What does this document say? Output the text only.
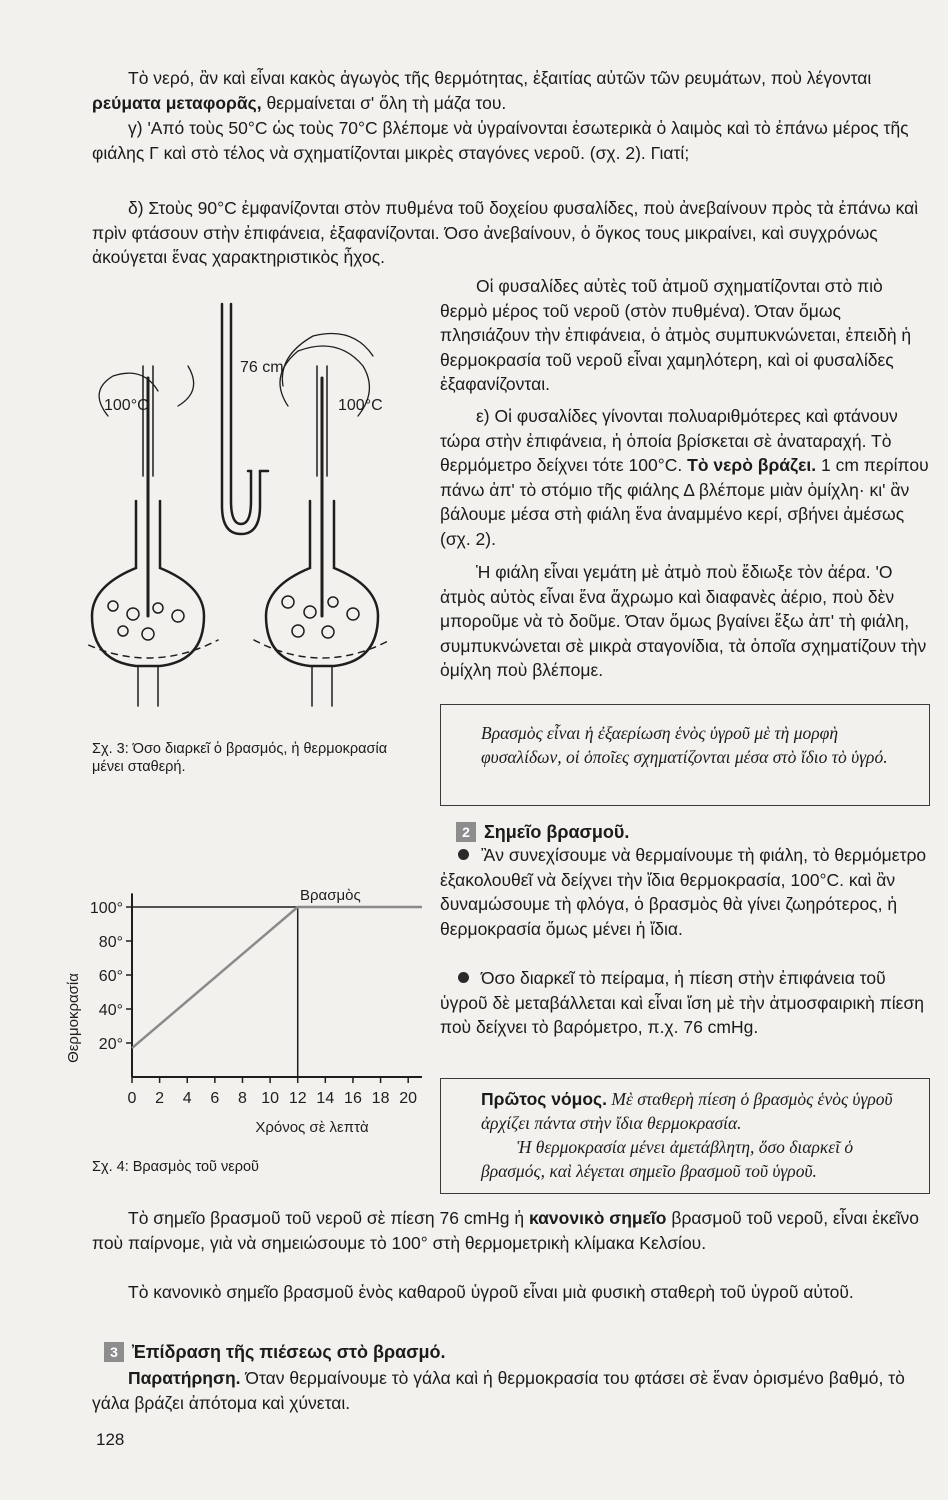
Τὸ νερό, ἂν καὶ εἶναι κακὸς ἀγωγὸς τῆς θερμότητας, ἐξαιτίας αὐτῶν τῶν ρευμάτων, ποὺ λέγονται ρεύματα μεταφορᾶς, θερμαίνεται σ' ὅλη τὴ μάζα του.

γ) 'Από τοὺς 50°C ὡς τοὺς 70°C βλέπομε νὰ ὑγραίνονται ἐσωτερικὰ ὁ λαιμὸς καὶ τὸ ἐπάνω μέρος τῆς φιάλης Γ καὶ στὸ τέλος νὰ σχηματίζονται μικρὲς σταγόνες νεροῦ. (σχ. 2). Γιατί;

δ) Στοὺς 90°C ἐμφανίζονται στὸν πυθμένα τοῦ δοχείου φυσαλίδες, ποὺ ἀνεβαίνουν πρὸς τὰ ἐπάνω καὶ πρὶν φτάσουν στὴν ἐπιφάνεια, ἐξαφανίζονται. Όσο ἀνεβαίνουν, ὁ ὄγκος τους μικραίνει, καὶ συγχρόνως ἀκούγεται ἕνας χαρακτηριστικὸς ἦχος.

Οἱ φυσαλίδες αὐτὲς τοῦ ἀτμοῦ σχηματίζονται στὸ πιὸ θερμὸ μέρος τοῦ νεροῦ (στὸν πυθμένα). Όταν ὅμως πλησιάζουν τὴν ἐπιφάνεια, ὁ ἀτμὸς συμπυκνώνεται, ἐπειδὴ ἡ θερμοκρασία τοῦ νεροῦ εἶναι χαμηλότερη, καὶ οἱ φυσαλίδες ἐξαφανίζονται.

ε) Οἱ φυσαλίδες γίνονται πολυαριθμότερες καὶ φτάνουν τώρα στὴν ἐπιφάνεια, ἡ ὁποία βρίσκεται σὲ ἀναταραχή. Τὸ θερμόμετρο δείχνει τότε 100°C. Τὸ νερὸ βράζει. 1 cm περίπου πάνω ἀπ' τὸ στόμιο τῆς φιάλης Δ βλέπομε μιὰν ὁμίχλη· κι' ἂν βάλουμε μέσα στὴ φιάλη ἕνα ἀναμμένο κερί, σβήνει ἀμέσως (σχ. 2).

Ἡ φιάλη εἶναι γεμάτη μὲ ἀτμὸ ποὺ ἔδιωξε τὸν ἀέρα. 'Ο ἀτμὸς αὐτὸς εἶναι ἕνα ἄχρωμο καὶ διαφανὲς ἀέριο, ποὺ δὲν μποροῦμε νὰ τὸ δοῦμε. Όταν ὅμως βγαίνει ἔξω ἀπ' τὴ φιάλη, συμπυκνώνεται σὲ μικρὰ σταγονίδια, τὰ ὁποῖα σχηματίζουν τὴν ὁμίχλη ποὺ βλέπομε.

Βρασμὸς εἶναι ἡ ἐξαερίωση ἑνὸς ὑγροῦ μὲ τὴ μορφὴ φυσαλίδων, οἱ ὁποῖες σχηματίζονται μέσα στὸ ἴδιο τὸ ὑγρό.
2 Σημεῖο βρασμοῦ.

Ἂν συνεχίσουμε νὰ θερμαίνουμε τὴ φιάλη, τὸ θερμόμετρο ἐξακολουθεῖ νὰ δείχνει τὴν ἴδια θερμοκρασία, 100°C. καὶ ἂν δυναμώσουμε τὴ φλόγα, ὁ βρασμὸς θὰ γίνει ζωηρότερος, ἡ θερμοκρασία ὅμως μένει ἡ ἴδια.

Όσο διαρκεῖ τὸ πείραμα, ἡ πίεση στὴν ἐπιφάνεια τοῦ ὑγροῦ δὲ μεταβάλλεται καὶ εἶναι ἴση μὲ τὴν ἀτμοσφαιρικὴ πίεση ποὺ δείχνει τὸ βαρόμετρο, π.χ. 76 cmHg.

Πρῶτος νόμος. Μὲ σταθερὴ πίεση ὁ βρασμὸς ἑνὸς ὑγροῦ ἀρχίζει πάντα στὴν ἴδια θερμοκρασία.
Ἡ θερμοκρασία μένει ἀμετάβλητη, ὅσο διαρκεῖ ὁ βρασμός, καὶ λέγεται σημεῖο βρασμοῦ τοῦ ὑγροῦ.
100°C	100°C
76 cm
Σχ. 3: Όσο διαρκεῖ ὁ βρασμός, ἡ θερμοκρασία μένει σταθερή.
Βρασμὸς
Θερμοκρασία
Χρόνος σὲ λεπτὰ
0 2 4 6 8 10 12 14 16 18 20
20°
40°
60°
80°
100°
Σχ. 4: Βρασμὸς τοῦ νεροῦ

Τὸ σημεῖο βρασμοῦ τοῦ νεροῦ σὲ πίεση 76 cmHg ἡ κανονικὸ σημεῖο βρασμοῦ τοῦ νεροῦ, εἶναι ἐκεῖνο ποὺ παίρνομε, γιὰ νὰ σημειώσουμε τὸ 100° στὴ θερμομετρικὴ κλίμακα Κελσίου.

Τὸ κανονικὸ σημεῖο βρασμοῦ ἑνὸς καθαροῦ ὑγροῦ εἶναι μιὰ φυσικὴ σταθερὴ τοῦ ὑγροῦ αὐτοῦ.

3 Ἐπίδραση τῆς πιέσεως στὸ βρασμό.

Παρατήρηση. Όταν θερμαίνουμε τὸ γάλα καὶ ἡ θερμοκρασία του φτάσει σὲ ἕναν ὁρισμένο βαθμό, τὸ γάλα βράζει ἀπότομα καὶ χύνεται.

128
